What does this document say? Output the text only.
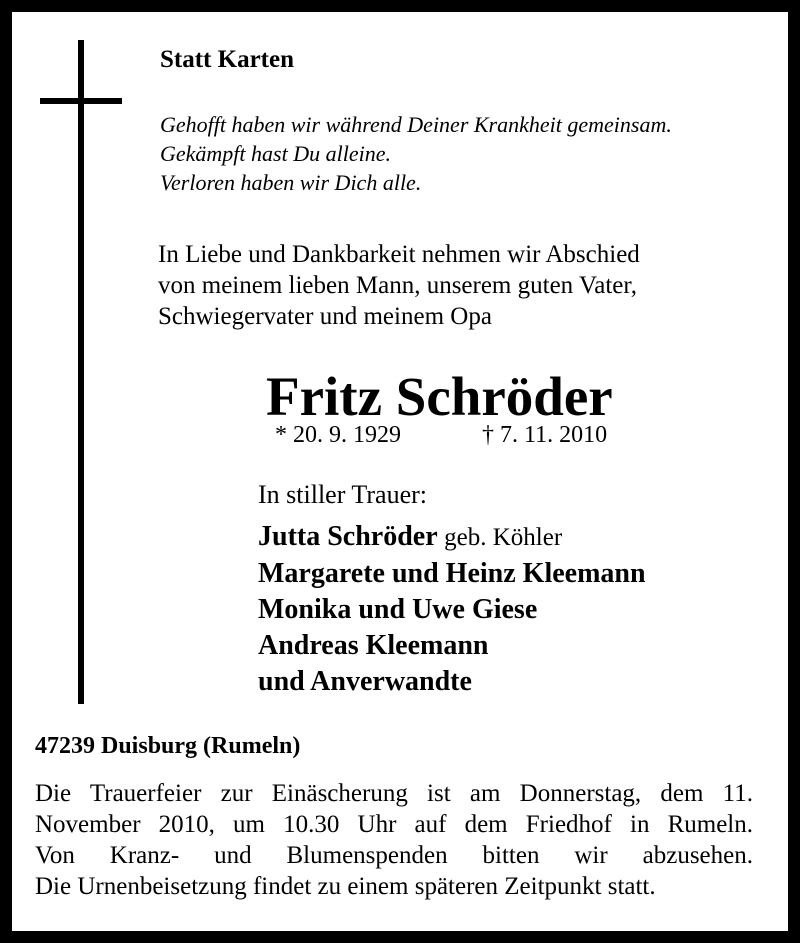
Statt Karten
Gehofft haben wir während Deiner Krankheit gemeinsam.
Gekämpft hast Du alleine.
Verloren haben wir Dich alle.
In Liebe und Dankbarkeit nehmen wir Abschied
von meinem lieben Mann, unserem guten Vater,
Schwiegervater und meinem Opa
Fritz Schröder
* 20. 9. 1929	† 7. 11. 2010
In stiller Trauer:
Jutta Schröder geb. Köhler
Margarete und Heinz Kleemann
Monika und Uwe Giese
Andreas Kleemann
und Anverwandte
47239 Duisburg (Rumeln)
Die Trauerfeier zur Einäscherung ist am Donnerstag, dem 11.
November 2010, um 10.30 Uhr auf dem Friedhof in Rumeln.
Von Kranz- und Blumenspenden bitten wir abzusehen.
Die Urnenbeisetzung findet zu einem späteren Zeitpunkt statt.
